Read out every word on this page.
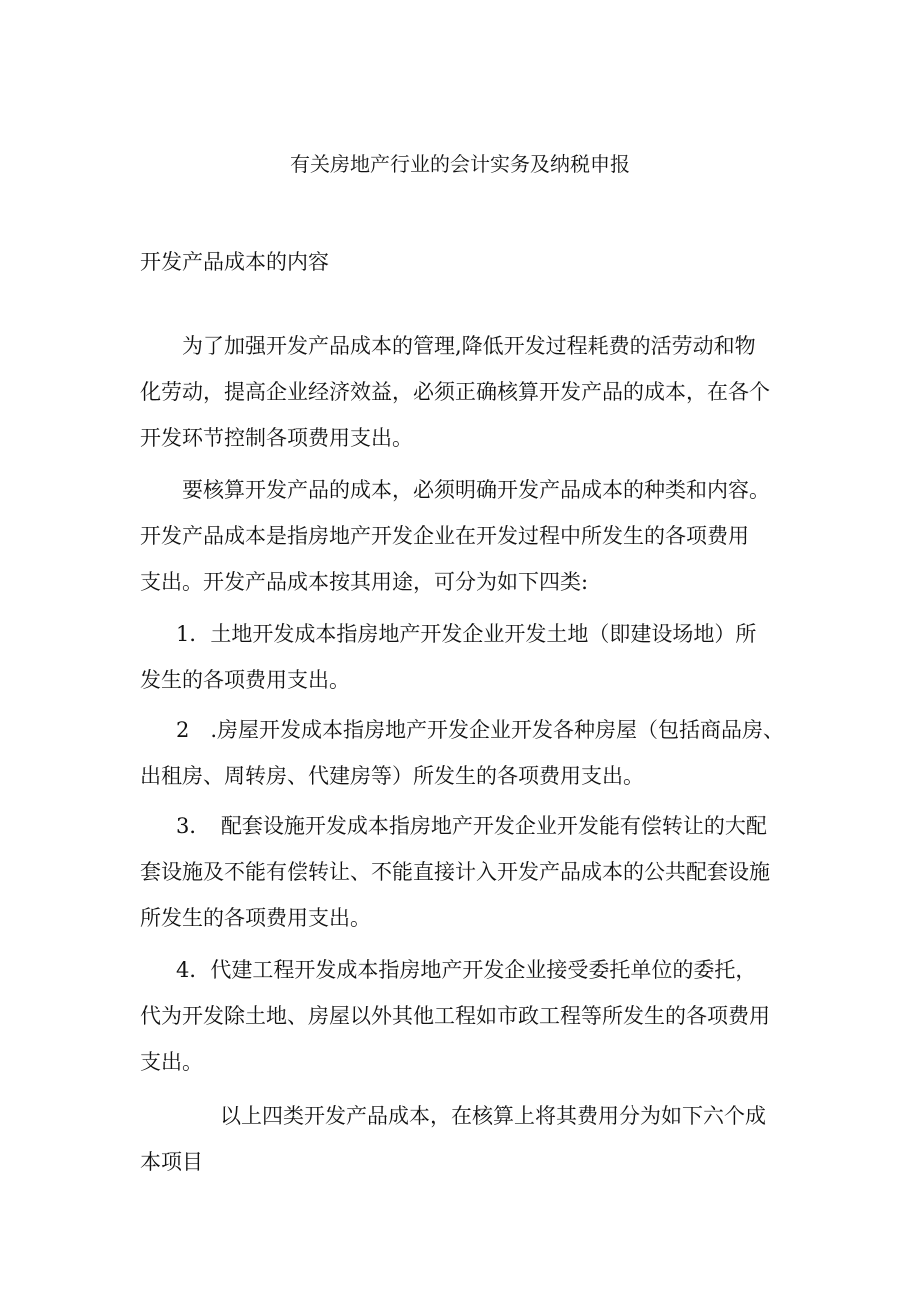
有关房地产行业的会计实务及纳税申报
开发产品成本的内容
为了加强开发产品成本的管理,降低开发过程耗费的活劳动和物
化劳动，提高企业经济效益，必须正确核算开发产品的成本，在各个
开发环节控制各项费用支出。
要核算开发产品的成本，必须明确开发产品成本的种类和内容。
开发产品成本是指房地产开发企业在开发过程中所发生的各项费用
支出。开发产品成本按其用途，可分为如下四类:
1．土地开发成本指房地产开发企业开发土地（即建设场地）所
发生的各项费用支出。
2　.房屋开发成本指房地产开发企业开发各种房屋（包括商品房、
出租房、周转房、代建房等）所发生的各项费用支出。
3．　配套设施开发成本指房地产开发企业开发能有偿转让的大配
套设施及不能有偿转让、不能直接计入开发产品成本的公共配套设施
所发生的各项费用支出。
4．代建工程开发成本指房地产开发企业接受委托单位的委托，
代为开发除土地、房屋以外其他工程如市政工程等所发生的各项费用
支出。
以上四类开发产品成本，在核算上将其费用分为如下六个成
本项目
